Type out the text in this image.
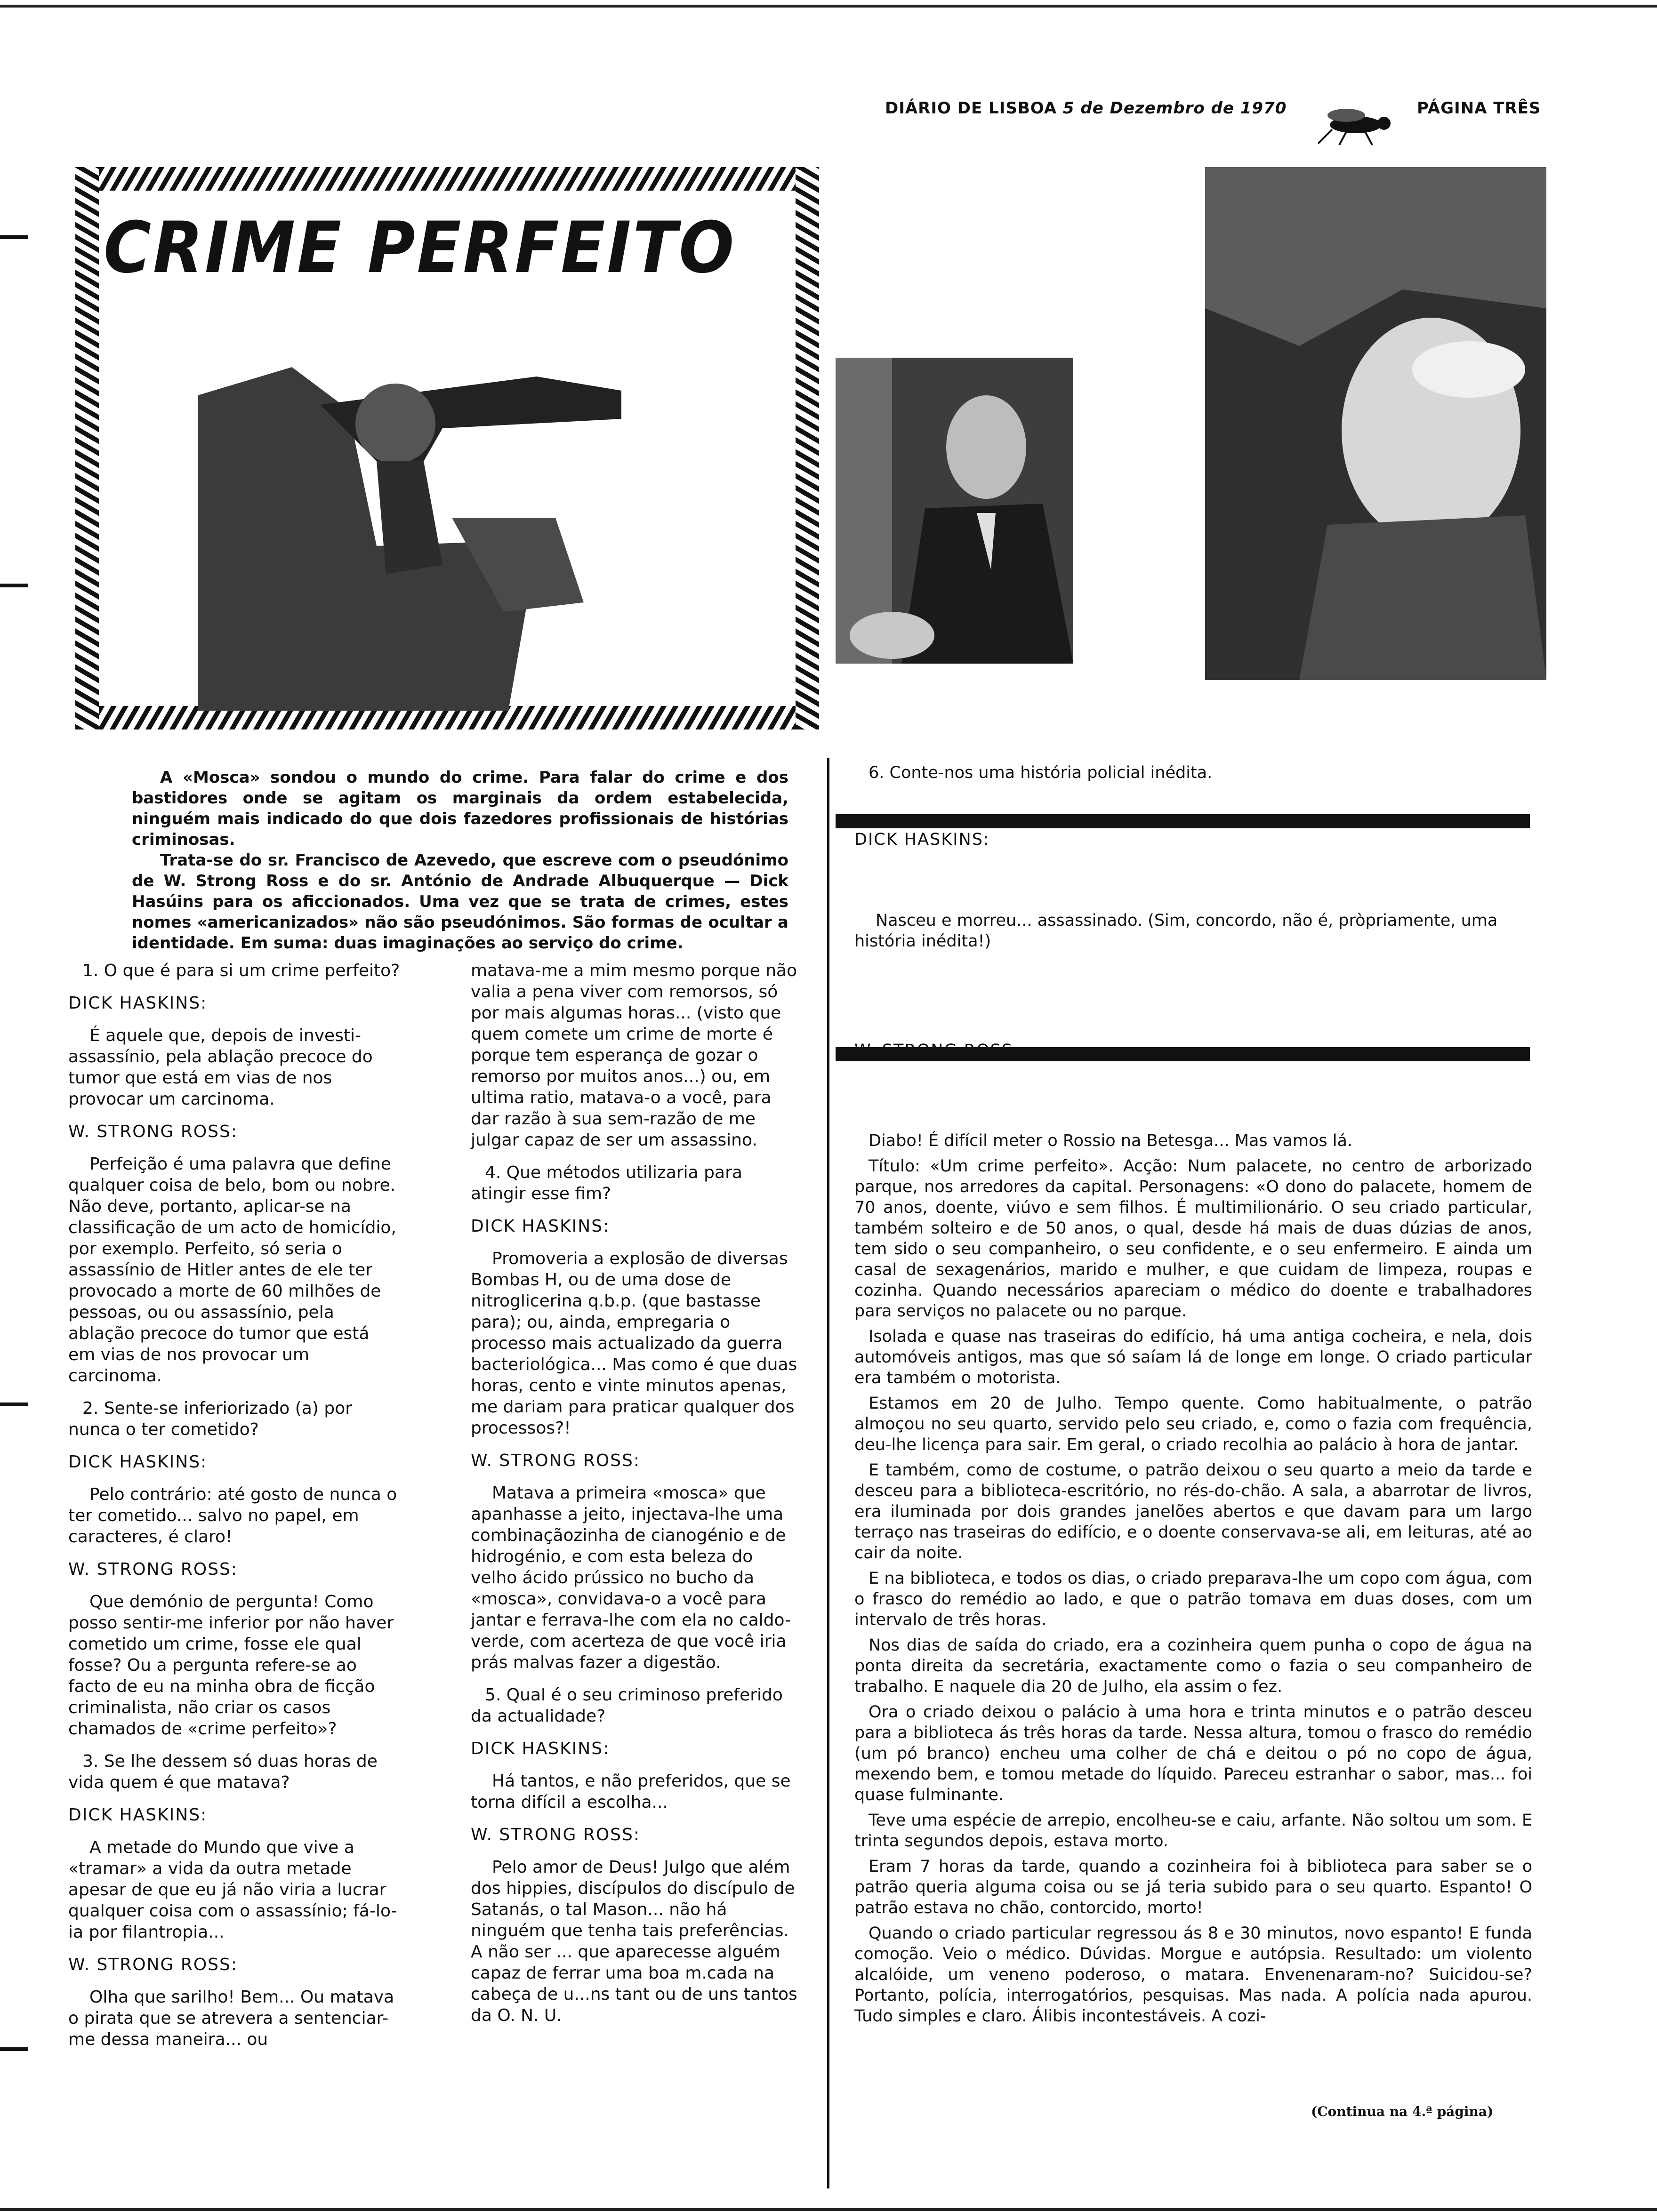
DIÁRIO DE LISBOA 5 de Dezembro de 1970	PÁGINA TRÊS
CRIME PERFEITO

A «Mosca» sondou o mundo do crime. Para falar do crime e dos bastidores onde se agitam os marginais da ordem estabelecida, ninguém mais indicado do que dois fazedores profissionais de histórias criminosas.

Trata-se do sr. Francisco de Azevedo, que escreve com o pseudónimo de W. Strong Ross e do sr. António de Andrade Albuquerque — Dick Hasúins para os aficcionados. Uma vez que se trata de crimes, estes nomes «americanizados» não são pseudónimos. São formas de ocultar a identidade. Em suma: duas imaginações ao serviço do crime.

1. O que é para si um crime perfeito?

DICK HASKINS:

É aquele que, depois de investi-assassínio, pela ablação precoce do tumor que está em vias de nos provocar um carcinoma.

W. STRONG ROSS:

Perfeição é uma palavra que define qualquer coisa de belo, bom ou nobre. Não deve, portanto, aplicar-se na classificação de um acto de homicídio, por exemplo. Perfeito, só seria o assassínio de Hitler antes de ele ter provocado a morte de 60 milhões de pessoas, ou ou assassínio, pela ablação precoce do tumor que está em vias de nos provocar um carcinoma.

2. Sente-se inferiorizado (a) por nunca o ter cometido?

DICK HASKINS:

Pelo contrário: até gosto de nunca o ter cometido... salvo no papel, em caracteres, é claro!

W. STRONG ROSS:

Que demónio de pergunta! Como posso sentir-me inferior por não haver cometido um crime, fosse ele qual fosse? Ou a pergunta refere-se ao facto de eu na minha obra de ficção criminalista, não criar os casos chamados de «crime perfeito»?

3. Se lhe dessem só duas horas de vida quem é que matava?

DICK HASKINS:

A metade do Mundo que vive a «tramar» a vida da outra metade apesar de que eu já não viria a lucrar qualquer coisa com o assassínio; fá-lo-ia por filantropia...

W. STRONG ROSS:

Olha que sarilho! Bem... Ou matava o pirata que se atrevera a sentenciar-me dessa maneira... ou

matava-me a mim mesmo porque não valia a pena viver com remorsos, só por mais algumas horas... (visto que quem comete um crime de morte é porque tem esperança de gozar o remorso por muitos anos...) ou, em ultima ratio, matava-o a você, para dar razão à sua sem-razão de me julgar capaz de ser um assassino.

4. Que métodos utilizaria para atingir esse fim?

DICK HASKINS:

Promoveria a explosão de diversas Bombas H, ou de uma dose de nitroglicerina q.b.p. (que bastasse para); ou, ainda, empregaria o processo mais actualizado da guerra bacteriológica... Mas como é que duas horas, cento e vinte minutos apenas, me dariam para praticar qualquer dos processos?!

W. STRONG ROSS:

Matava a primeira «mosca» que apanhasse a jeito, injectava-lhe uma combinaçãozinha de cianogénio e de hidrogénio, e com esta beleza do velho ácido prússico no bucho da «mosca», convidava-o a você para jantar e ferrava-lhe com ela no caldo-verde, com acerteza de que você iria prás malvas fazer a digestão.

5. Qual é o seu criminoso preferido da actualidade?

DICK HASKINS:

Há tantos, e não preferidos, que se torna difícil a escolha...

W. STRONG ROSS:

Pelo amor de Deus! Julgo que além dos hippies, discípulos do discípulo de Satanás, o tal Mason... não há ninguém que tenha tais preferências. A não ser ... que aparecesse alguém capaz de ferrar uma boa m.cada na cabeça de u...ns tant ou de uns tantos da O. N. U.

6. Conte-nos uma história policial inédita.

DICK HASKINS:

Nasceu e morreu... assassinado. (Sim, concordo, não é, pròpriamente, uma história inédita!)

Diabo! É difícil meter o Rossio na Betesga... Mas vamos lá.

Título: «Um crime perfeito». Acção: Num palacete, no centro de arborizado parque, nos arredores da capital. Personagens: «O dono do palacete, homem de 70 anos, doente, viúvo e sem filhos. É multimilionário. O seu criado particular, também solteiro e de 50 anos, o qual, desde há mais de duas dúzias de anos, tem sido o seu companheiro, o seu confidente, e o seu enfermeiro. E ainda um casal de sexagenários, marido e mulher, e que cuidam de limpeza, roupas e cozinha. Quando necessários apareciam o médico do doente e trabalhadores para serviços no palacete ou no parque.

Isolada e quase nas traseiras do edifício, há uma antiga cocheira, e nela, dois automóveis antigos, mas que só saíam lá de longe em longe. O criado particular era também o motorista.

Estamos em 20 de Julho. Tempo quente. Como habitualmente, o patrão almoçou no seu quarto, servido pelo seu criado, e, como o fazia com frequência, deu-lhe licença para sair. Em geral, o criado recolhia ao palácio à hora de jantar.

E também, como de costume, o patrão deixou o seu quarto a meio da tarde e desceu para a biblioteca-escritório, no rés-do-chão. A sala, a abarrotar de livros, era iluminada por dois grandes janelões abertos e que davam para um largo terraço nas traseiras do edifício, e o doente conservava-se ali, em leituras, até ao cair da noite.

E na biblioteca, e todos os dias, o criado preparava-lhe um copo com água, com o frasco do remédio ao lado, e que o patrão tomava em duas doses, com um intervalo de três horas.

Nos dias de saída do criado, era a cozinheira quem punha o copo de água na ponta direita da secretária, exactamente como o fazia o seu companheiro de trabalho. E naquele dia 20 de Julho, ela assim o fez.

Ora o criado deixou o palácio à uma hora e trinta minutos e o patrão desceu para a biblioteca ás três horas da tarde. Nessa altura, tomou o frasco do remédio (um pó branco) encheu uma colher de chá e deitou o pó no copo de água, mexendo bem, e tomou metade do líquido. Pareceu estranhar o sabor, mas... foi quase fulminante.

Teve uma espécie de arrepio, encolheu-se e caiu, arfante. Não soltou um som. E trinta segundos depois, estava morto.

Eram 7 horas da tarde, quando a cozinheira foi à biblioteca para saber se o patrão queria alguma coisa ou se já teria subido para o seu quarto. Espanto! O patrão estava no chão, contorcido, morto!

Quando o criado particular regressou ás 8 e 30 minutos, novo espanto! E funda comoção. Veio o médico. Dúvidas. Morgue e autópsia. Resultado: um violento alcalóide, um veneno poderoso, o matara. Envenenaram-no? Suicidou-se? Portanto, polícia, interrogatórios, pesquisas. Mas nada. A polícia nada apurou. Tudo simples e claro. Álibis incontestáveis. A cozi-

(Continua na 4.ª página)
